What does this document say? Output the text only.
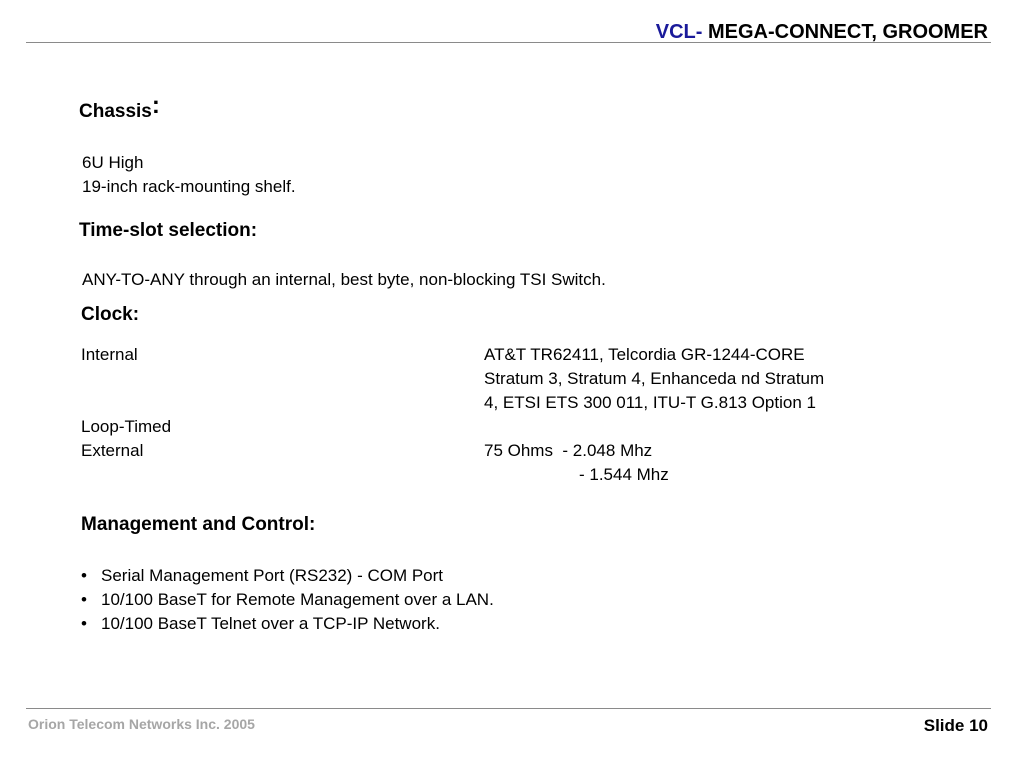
VCL- MEGA-CONNECT, GROOMER
Chassis:
6U High
19-inch rack-mounting shelf.
Time-slot selection:
ANY-TO-ANY through an internal, best byte, non-blocking TSI Switch.
Clock:
Internal	AT&T TR62411, Telcordia GR-1244-CORE
Stratum 3, Stratum 4, Enhanceda nd Stratum
4, ETSI ETS 300 011, ITU-T G.813 Option 1
Loop-Timed
External	75 Ohms  - 2.048 Mhz
- 1.544 Mhz
Management and Control:
• Serial Management Port (RS232) - COM Port
• 10/100 BaseT for Remote Management over a LAN.
• 10/100 BaseT Telnet over a TCP-IP Network.
Orion Telecom Networks Inc. 2005	Slide 10
